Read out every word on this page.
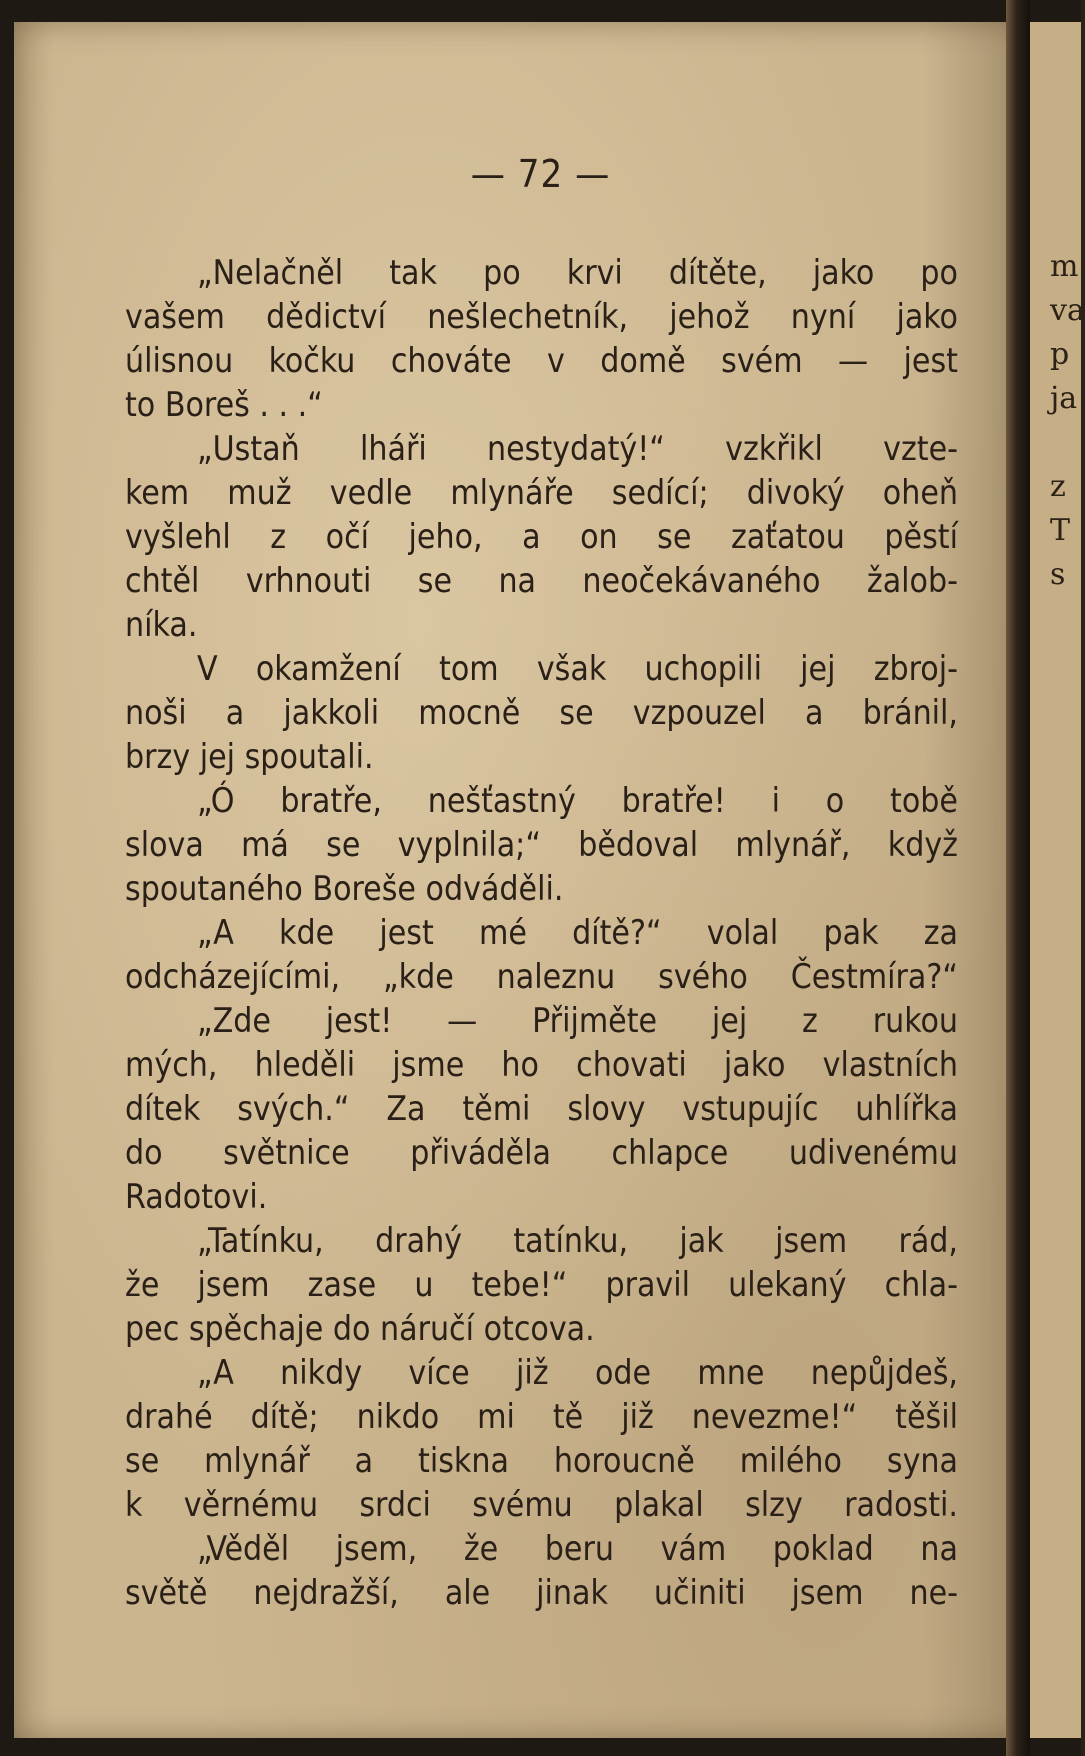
— 72 —
„Nelačněl tak po krvi dítěte, jako po
vašem dědictví nešlechetník, jehož nyní jako
úlisnou kočku chováte v domě svém — jest
to Boreš . . .“
„Ustaň lháři nestydatý!“ vzkřikl vzte-
kem muž vedle mlynáře sedící; divoký oheň
vyšlehl z očí jeho, a on se zaťatou pěstí
chtěl vrhnouti se na neočekávaného žalob-
níka.
V okamžení tom však uchopili jej zbroj-
noši a jakkoli mocně se vzpouzel a bránil,
brzy jej spoutali.
„Ó bratře, nešťastný bratře! i o tobě
slova má se vyplnila;“ bědoval mlynář, když
spoutaného Boreše odváděli.
„A kde jest mé dítě?“ volal pak za
odcházejícími, „kde naleznu svého Čestmíra?“
„Zde jest! — Přijměte jej z rukou
mých, hleděli jsme ho chovati jako vlastních
dítek svých.“ Za těmi slovy vstupujíc uhlířka
do světnice přiváděla chlapce udivenému
Radotovi.
„Tatínku, drahý tatínku, jak jsem rád,
že jsem zase u tebe!“ pravil ulekaný chla-
pec spěchaje do náručí otcova.
„A nikdy více již ode mne nepůjdeš,
drahé dítě; nikdo mi tě již nevezme!“ těšil
se mlynář a tiskna horoucně milého syna
k věrnému srdci svému plakal slzy radosti.
„Věděl jsem, že beru vám poklad na
světě nejdražší, ale jinak učiniti jsem ne-
m
va
p
ja
z
T
s
